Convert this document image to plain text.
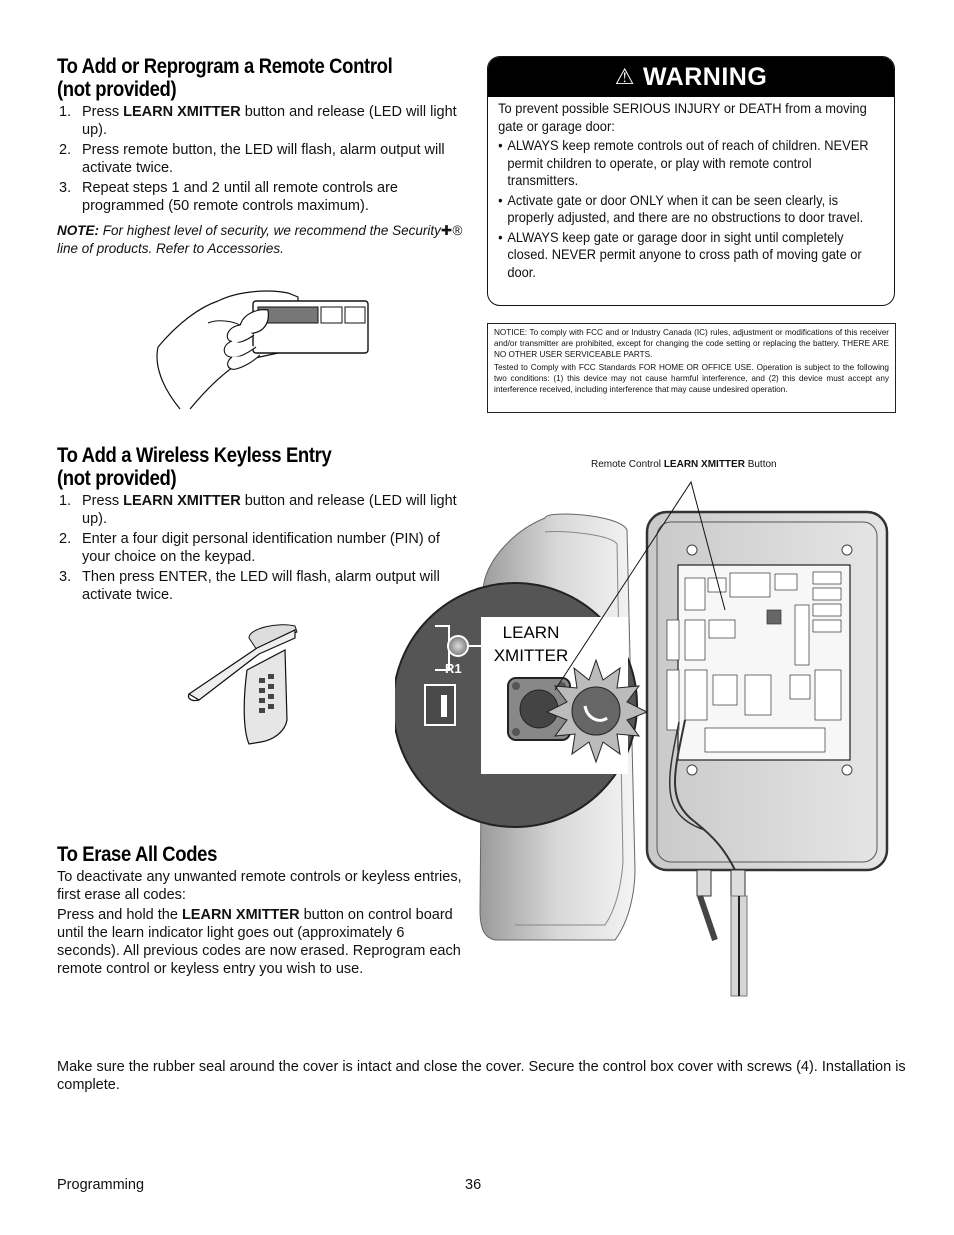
To Add or Reprogram a Remote Control
(not provided)
1. Press LEARN XMITTER button and release (LED will light up).
2. Press remote button, the LED will flash, alarm output will activate twice.
3. Repeat steps 1 and 2 until all remote controls are programmed (50 remote controls maximum).
NOTE: For highest level of security, we recommend the Security✚® line of products. Refer to Accessories.
⚠ WARNING

To prevent possible SERIOUS INJURY or DEATH from a moving gate or garage door:

• ALWAYS keep remote controls out of reach of children. NEVER permit children to operate, or play with remote control transmitters.

• Activate gate or door ONLY when it can be seen clearly, is properly adjusted, and there are no obstructions to door travel.

• ALWAYS keep gate or garage door in sight until completely closed. NEVER permit anyone to cross path of moving gate or door.

NOTICE: To comply with FCC and or Industry Canada (IC) rules, adjustment or modifications of this receiver and/or transmitter are prohibited, except for changing the code setting or replacing the battery. THERE ARE NO OTHER USER SERVICEABLE PARTS.

Tested to Comply with FCC Standards FOR HOME OR OFFICE USE. Operation is subject to the following two conditions: (1) this device may not cause harmful interference, and (2) this device must accept any interference received, including interference that may cause undesired operation.

To Add a Wireless Keyless Entry
(not provided)
1. Press LEARN XMITTER button and release (LED will light up).
2. Enter a four digit personal identification number (PIN) of your choice on the keypad.
3. Then press ENTER, the LED will flash, alarm output will activate twice.
Remote Control LEARN XMITTER Button
LEARN
XMITTER
R1
To Erase All Codes
To deactivate any unwanted remote controls or keyless entries, first erase all codes:
Press and hold the LEARN XMITTER button on control board until the learn indicator light goes out (approximately 6 seconds). All previous codes are now erased. Reprogram each remote control or keyless entry you wish to use.
Make sure the rubber seal around the cover is intact and close the cover. Secure the control box cover with screws (4). Installation is complete.
Programming	36
